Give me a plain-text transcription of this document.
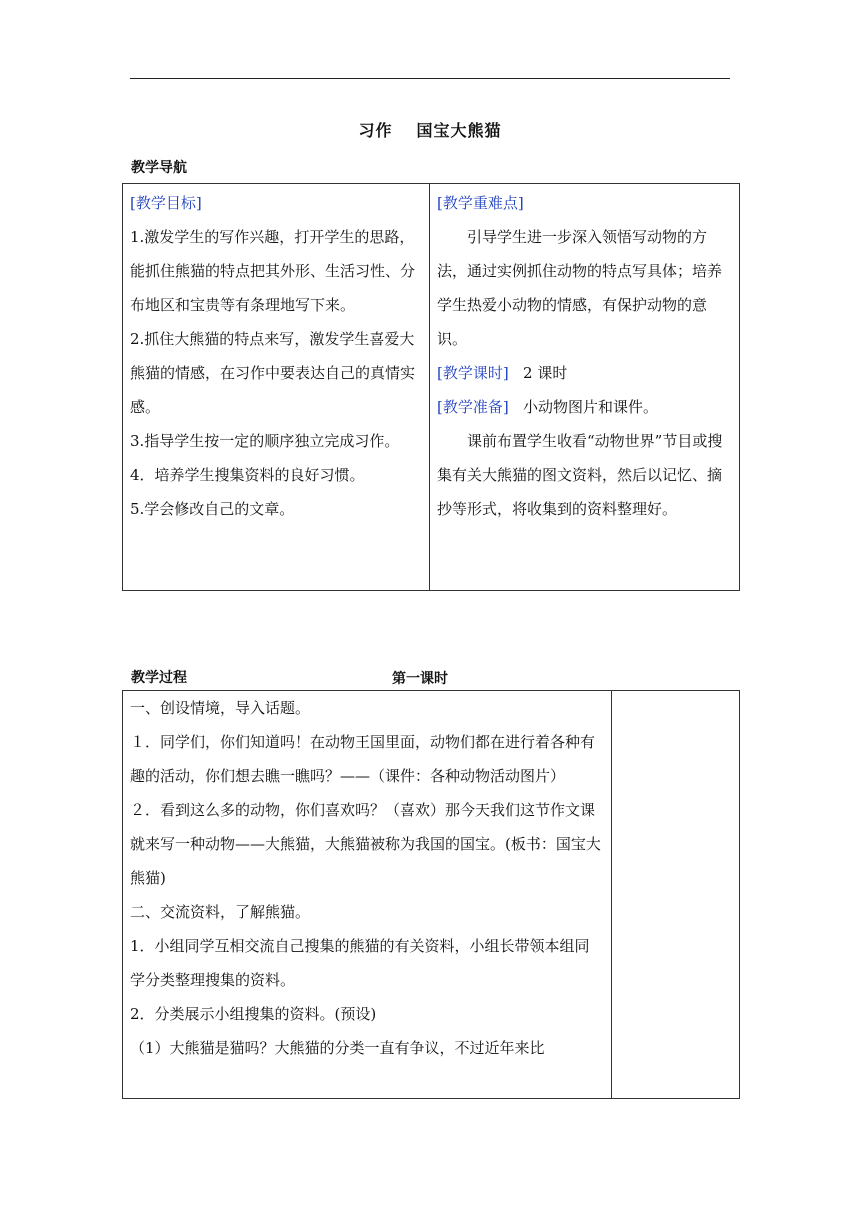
习作 国宝大熊猫
教学导航

[教学目标]

1.激发学生的写作兴趣，打开学生的思路，能抓住熊猫的特点把其外形、生活习性、分布地区和宝贵等有条理地写下来。

2.抓住大熊猫的特点来写，激发学生喜爱大熊猫的情感，在习作中要表达自己的真情实感。

3.指导学生按一定的顺序独立完成习作。

4．培养学生搜集资料的良好习惯。

5.学会修改自己的文章。

[教学重难点]

引导学生进一步深入领悟写动物的方法，通过实例抓住动物的特点写具体；培养学生热爱小动物的情感，有保护动物的意识。

[教学课时] 2 课时

[教学准备] 小动物图片和课件。

课前布置学生收看“动物世界”节目或搜集有关大熊猫的图文资料，然后以记忆、摘抄等形式，将收集到的资料整理好。

教学过程	第一课时

一、创设情境，导入话题。

１．同学们，你们知道吗！在动物王国里面，动物们都在进行着各种有趣的活动，你们想去瞧一瞧吗？——（课件：各种动物活动图片）

２．看到这么多的动物，你们喜欢吗？（喜欢）那今天我们这节作文课就来写一种动物——大熊猫，大熊猫被称为我国的国宝。(板书：国宝大熊猫)

二、交流资料，了解熊猫。

1．小组同学互相交流自己搜集的熊猫的有关资料，小组长带领本组同学分类整理搜集的资料。

2．分类展示小组搜集的资料。(预设)

（1）大熊猫是猫吗？大熊猫的分类一直有争议，不过近年来比
